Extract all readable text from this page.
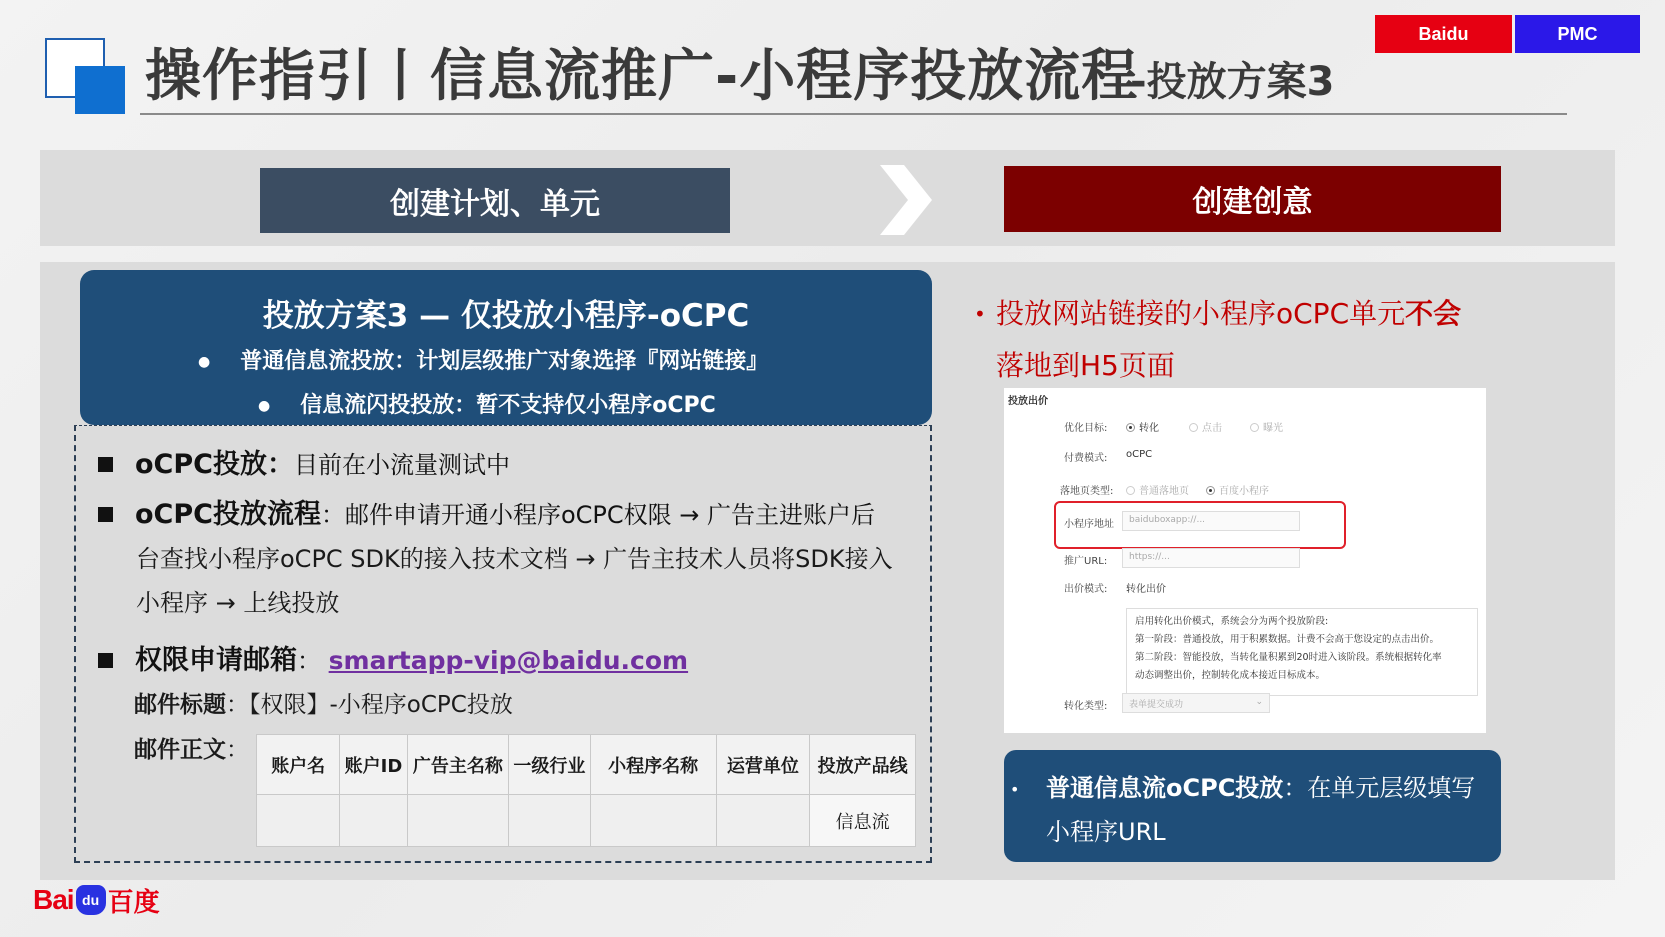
操作指引丨信息流推广-小程序投放流程
-投放方案3
Baidu	PMC
创建计划、单元	创建创意
投放方案3 — 仅投放小程序-oCPC
● 普通信息流投放：计划层级推广对象选择『网站链接』
● 信息流闪投投放：暂不支持仅小程序oCPC
oCPC投放：目前在小流量测试中
oCPC投放流程：邮件申请开通小程序oCPC权限 → 广告主进账户后
台查找小程序oCPC SDK的接入技术文档 → 广告主技术人员将SDK接入
小程序 → 上线投放
权限申请邮箱： smartapp-vip@baidu.com
邮件标题：【权限】-小程序oCPC投放
邮件正文：
账户名	账户ID	广告主名称	一级行业	小程序名称	运营单位	投放产品线
						信息流
• 投放网站链接的小程序oCPC单元不会
落地到H5页面
投放出价
优化目标:	转化	点击	曝光
付费模式: oCPC
落地页类型:	普通落地页	百度小程序
小程序地址	baiduboxapp://...
推广URL:	https://...
出价模式: 转化出价
启用转化出价模式，系统会分为两个投放阶段:
第一阶段：普通投放，用于积累数据。计费不会高于您设定的点击出价。
第二阶段：智能投放，当转化量积累到20时进入该阶段。系统根据转化率
动态调整出价，控制转化成本接近目标成本。
转化类型:	表单提交成功	⌄
• 普通信息流oCPC投放：在单元层级填写
小程序URL
Bai du 百度
